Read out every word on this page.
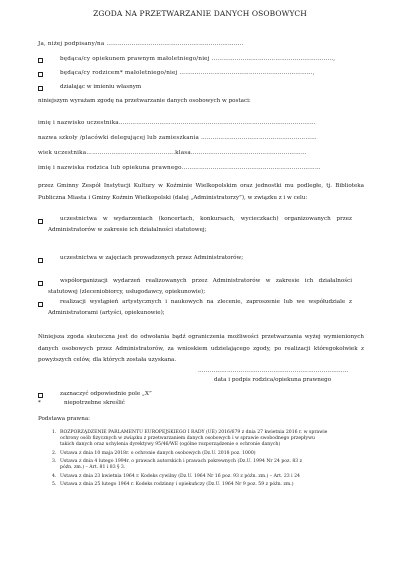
ZGODA NA PRZETWARZANIE DANYCH OSOBOWYCH
Ja, niżej podpisany/na ……………………………………………………………..
będąca/cy opiekunem prawnym małoletniego/niej ………………………………………………………,
będąca/cy rodzicem* małoletniego/niej ……………………………………………………………,
działając w imieniu własnym
niniejszym wyrażam zgodę na przetwarzanie danych osobowych w postaci:
imię i nazwisko uczestnika…………………………………………………………………………………………
nazwa szkoły /placówki delegującej lub zamieszkania ……………………………………………………
wiek uczestnika……………………………………….klasa……………………………………………………
imię i nazwiska rodzica lub opiekuna prawnego………………………………………………………………
przez Gminny Zespół Instytucji Kultury w Koźminie Wielkopolskim oraz jednostki mu podległe, tj. Biblioteka Publiczna Miasta i Gminy Koźmin Wielkopolski (dalej „Administratorzy”), w związku z i w celu:
uczestnictwa w wydarzeniach (koncertach, konkursach, wycieczkach) organizowanych przez Administratorów w zakresie ich działalności statutowej;
uczestnictwa w zajęciach prowadzonych przez Administratorów;
współorganizacji wydarzeń realizowanych przez Administratorów w zakresie ich działalności statutowej (zleceniobiorcy, usługodawcy, opiekunowie);
realizacji wystąpień artystycznych i naukowych na zlecenie, zaproszenie lub we współudziale z Administratorami (artyści, opiekunowie);
Niniejsza zgoda skuteczna jest do odwołania bądź ograniczenia możliwości przetwarzania wyżej wymienionych danych osobowych przez Administratorów, za wnioskiem udzielającego zgody, po realizacji któregokolwiek z powyższych celów, dla których została uzyskana.
……………………………………………………………………
data i podpis rodzica/opiekuna prawnego
zaznaczyć odpowiednie pole „X”
*	niepotrzebne skreślić
Podstawa prawna:
1. ROZPORZĄDZENIE PARLAMENTU EUROPEJSKIEGO I RADY (UE) 2016/679 z dnia 27 kwietnia 2016 r. w sprawie
ochrony osób fizycznych w związku z przetwarzaniem danych osobowych i w sprawie swobodnego przepływu
takich danych oraz uchylenia dyrektywy 95/46/WE (ogólne rozporządzenie o ochronie danych)
2. Ustawa z dnia 10 maja 2018r. o ochronie danych osobowych (Dz.U. 2018 poz. 1000)
3. Ustawa z dnia 4 lutego 1994r. o prawach autorskich i prawach pokrewnych (Dz.U. 1994 Nr 24 poz. 83 z
późn. zm.) – Art. 81 i 83 § 3.
4. Ustawa z dnia 23 kwietnia 1964 r. Kodeks cywilny (Dz.U. 1964 Nr 16 poz. 93 z późn. zm.) – Art. 23 i 24
5. Ustawa z dnia 25 lutego 1964 r. Kodeks rodzinny i opiekuńczy (Dz.U. 1964 Nr 9 poz. 59 z późn. zm.)
